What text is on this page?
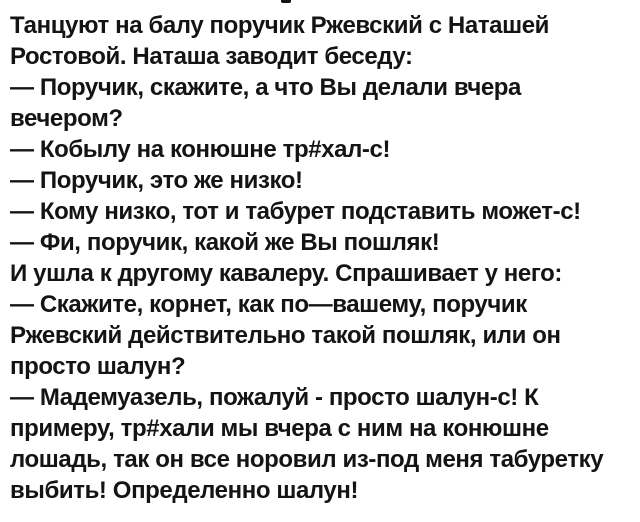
Танцуют на балу поручик Ржевский с Наташей
Ростовой. Наташа заводит беседу:
— Поручик, скажите, а что Вы делали вчера
вечером?
— Кобылу на конюшне тр#хал-с!
— Поручик, это же низко!
— Кому низко, тот и табурет подставить может-с!
— Фи, поручик, какой же Вы пошляк!
И ушла к другому кавалеру. Спрашивает у него:
— Скажите, корнет, как по—вашему, поручик
Ржевский действительно такой пошляк, или он
просто шалун?
— Мадемуазель, пожалуй - просто шалун-с! К
примеру, тр#хали мы вчера с ним на конюшне
лошадь, так он все норовил из-под меня табуретку
выбить! Определенно шалун!
